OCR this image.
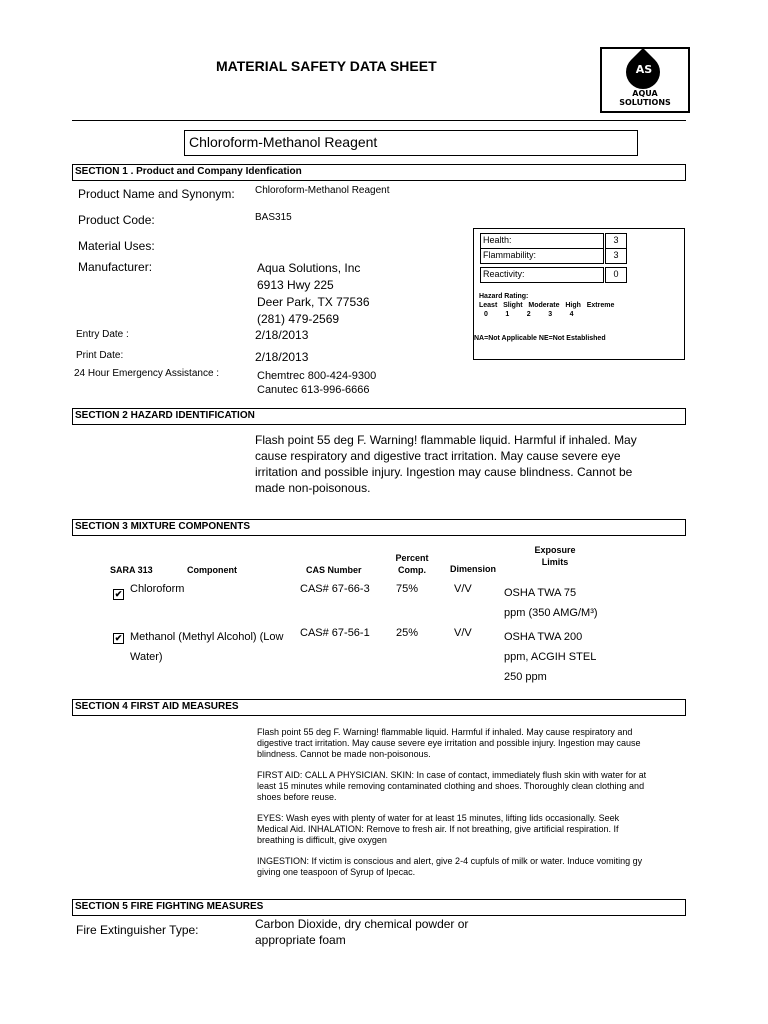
MATERIAL SAFETY DATA SHEET	AS
AQUA
SOLUTIONS
Chloroform-Methanol Reagent
SECTION 1 . Product and Company Idenfication
Product Name and Synonym: Chloroform-Methanol Reagent
Product Code:	BAS315
Material Uses:
Manufacturer:	Aqua Solutions, Inc
6913 Hwy 225
Deer Park, TX 77536
(281) 479-2569
Entry Date :	2/18/2013
Print Date:	2/18/2013
24 Hour Emergency Assistance :	Chemtrec 800-424-9300
Canutec 613-996-6666
Health:	3
Flammability:	3
Reactivity:	0
Hazard Rating:
Least   Slight   Moderate   High   Extreme
0         1         2         3         4
NA=Not Applicable NE=Not Established
SECTION 2 HAZARD IDENTIFICATION
Flash point 55 deg F. Warning! flammable liquid. Harmful if inhaled. May cause respiratory and digestive tract irritation. May cause severe eye irritation and possible injury. Ingestion may cause blindness. Cannot be made non-poisonous.
SECTION 3 MIXTURE COMPONENTS
SARA 313	Component	CAS Number
Percent
Comp.	Dimension
Exposure
Limits
✔ Chloroform	CAS# 67-66-3 75%	V/V	OSHA TWA 75
ppm (350 AMG/M³)
✔ Methanol (Methyl Alcohol) (Low
Water)
CAS# 67-56-1 25%	V/V	OSHA TWA 200
ppm, ACGIH STEL
250 ppm
SECTION 4 FIRST AID MEASURES
Flash point 55 deg F. Warning! flammable liquid. Harmful if inhaled. May cause respiratory and digestive tract irritation. May cause severe eye irritation and possible injury. Ingestion may cause blindness. Cannot be made non-poisonous.
FIRST AID: CALL A PHYSICIAN. SKIN: In case of contact, immediately flush skin with water for at least 15 minutes while removing contaminated clothing and shoes. Thoroughly clean clothing and shoes before reuse.
EYES: Wash eyes with plenty of water for at least 15 minutes, lifting lids occasionally. Seek Medical Aid. INHALATION: Remove to fresh air. If not breathing, give artificial respiration. If breathing is difficult, give oxygen
INGESTION: If victim is conscious and alert, give 2-4 cupfuls of milk or water. Induce vomiting gy giving one teaspoon of Syrup of Ipecac.
SECTION 5 FIRE FIGHTING MEASURES
Fire Extinguisher Type:	Carbon Dioxide, dry chemical powder or
appropriate foam
